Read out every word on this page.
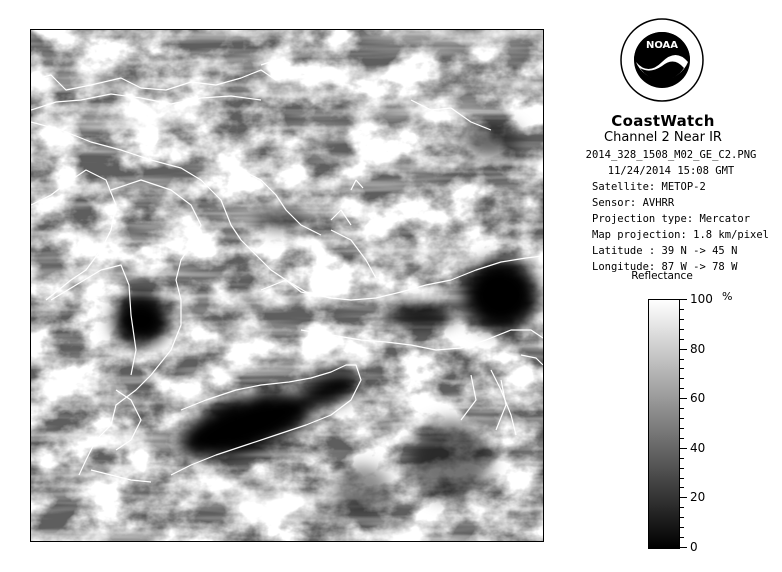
NOAA
CoastWatch
Channel 2 Near IR
2014_328_1508_M02_GE_C2.PNG
11/24/2014 15:08 GMT
Satellite: METOP-2
Sensor: AVHRR
Projection type: Mercator
Map projection: 1.8 km/pixel
Latitude : 39 N -> 45 N
Longitude: 87 W -> 78 W
Reflectance
%
100
80
60
40
20
0
